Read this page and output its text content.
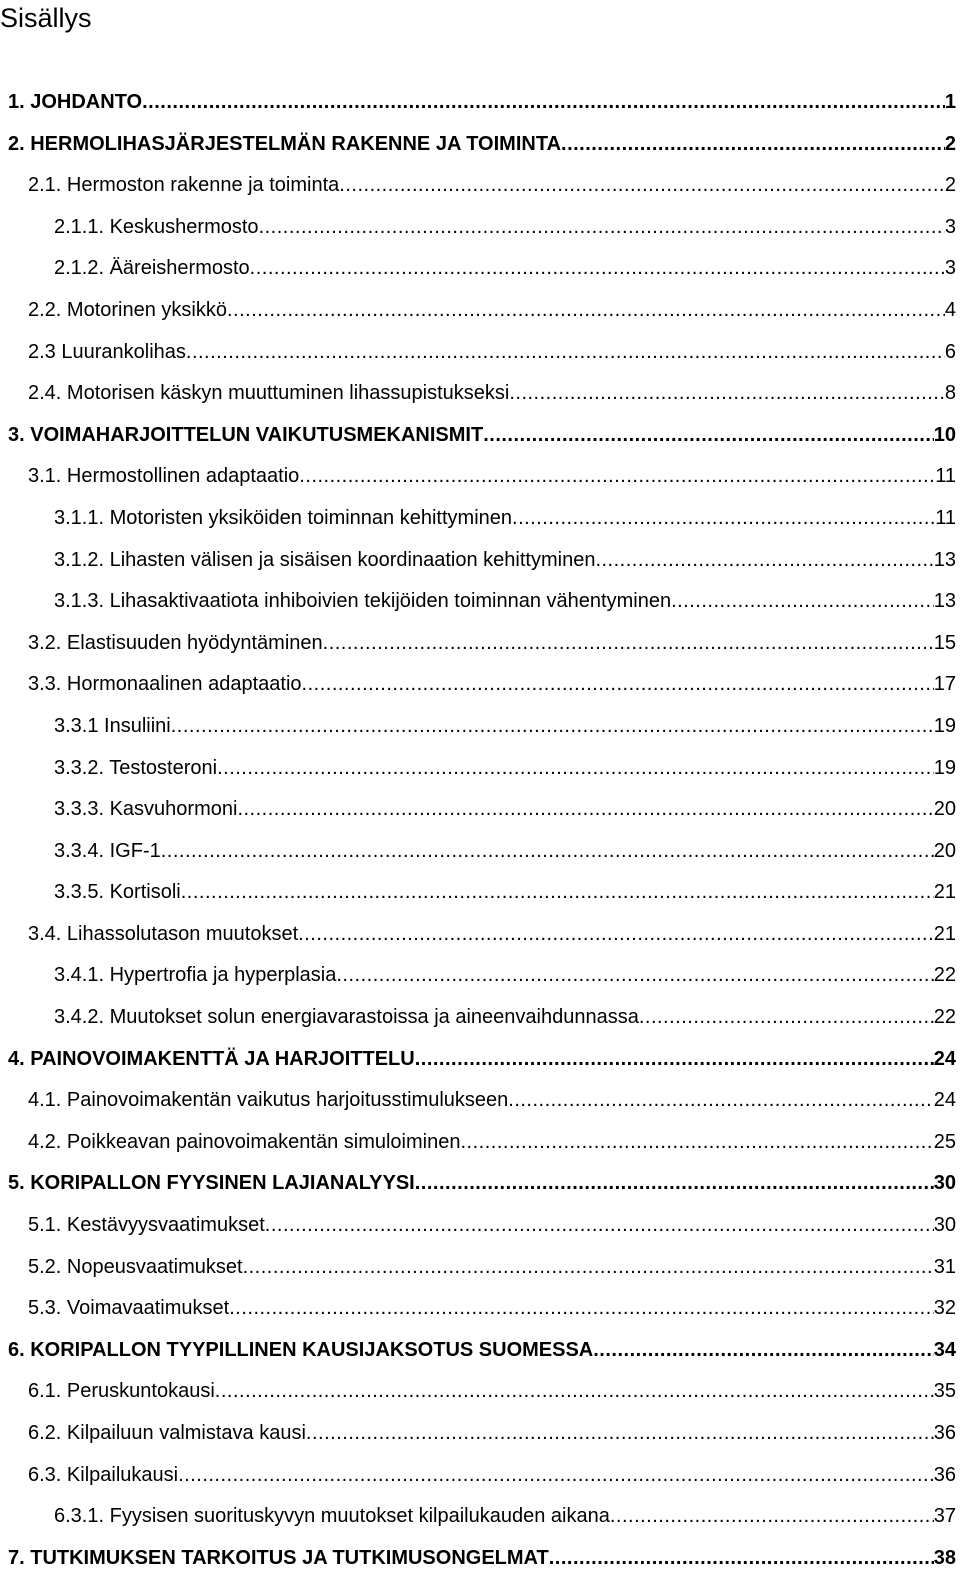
Sisällys
1. JOHDANTO .....	1
2. HERMOLIHASJÄRJESTELMÄN RAKENNE JA TOIMINTA .....	2
2.1. Hermoston rakenne ja toiminta .....	2
2.1.1. Keskushermosto .....	3
2.1.2. Ääreishermosto .....	3
2.2. Motorinen yksikkö .....	4
2.3 Luurankolihas .....	6
2.4. Motorisen käskyn muuttuminen lihassupistukseksi .....	8
3. VOIMAHARJOITTELUN VAIKUTUSMEKANISMIT .....	10
3.1. Hermostollinen adaptaatio .....	11
3.1.1. Motoristen yksiköiden toiminnan kehittyminen .....	11
3.1.2. Lihasten välisen ja sisäisen koordinaation kehittyminen .....	13
3.1.3. Lihasaktivaatiota inhiboivien tekijöiden toiminnan vähentyminen .....	13
3.2. Elastisuuden hyödyntäminen .....	15
3.3. Hormonaalinen adaptaatio .....	17
3.3.1 Insuliini .....	19
3.3.2. Testosteroni .....	19
3.3.3. Kasvuhormoni .....	20
3.3.4. IGF-1 .....	20
3.3.5. Kortisoli .....	21
3.4. Lihassolutason muutokset .....	21
3.4.1. Hypertrofia ja hyperplasia .....	22
3.4.2. Muutokset solun energiavarastoissa ja aineenvaihdunnassa .....	22
4. PAINOVOIMAKENTTÄ JA HARJOITTELU .....	24
4.1. Painovoimakentän vaikutus harjoitusstimulukseen .....	24
4.2. Poikkeavan painovoimakentän simuloiminen .....	25
5. KORIPALLON FYYSINEN LAJIANALYYSI .....	30
5.1. Kestävyysvaatimukset .....	30
5.2. Nopeusvaatimukset .....	31
5.3. Voimavaatimukset .....	32
6. KORIPALLON TYYPILLINEN KAUSIJAKSOTUS SUOMESSA .....	34
6.1. Peruskuntokausi .....	35
6.2. Kilpailuun valmistava kausi .....	36
6.3. Kilpailukausi .....	36
6.3.1. Fyysisen suorituskyvyn muutokset kilpailukauden aikana .....	37
7. TUTKIMUKSEN TARKOITUS JA TUTKIMUSONGELMAT .....	38
